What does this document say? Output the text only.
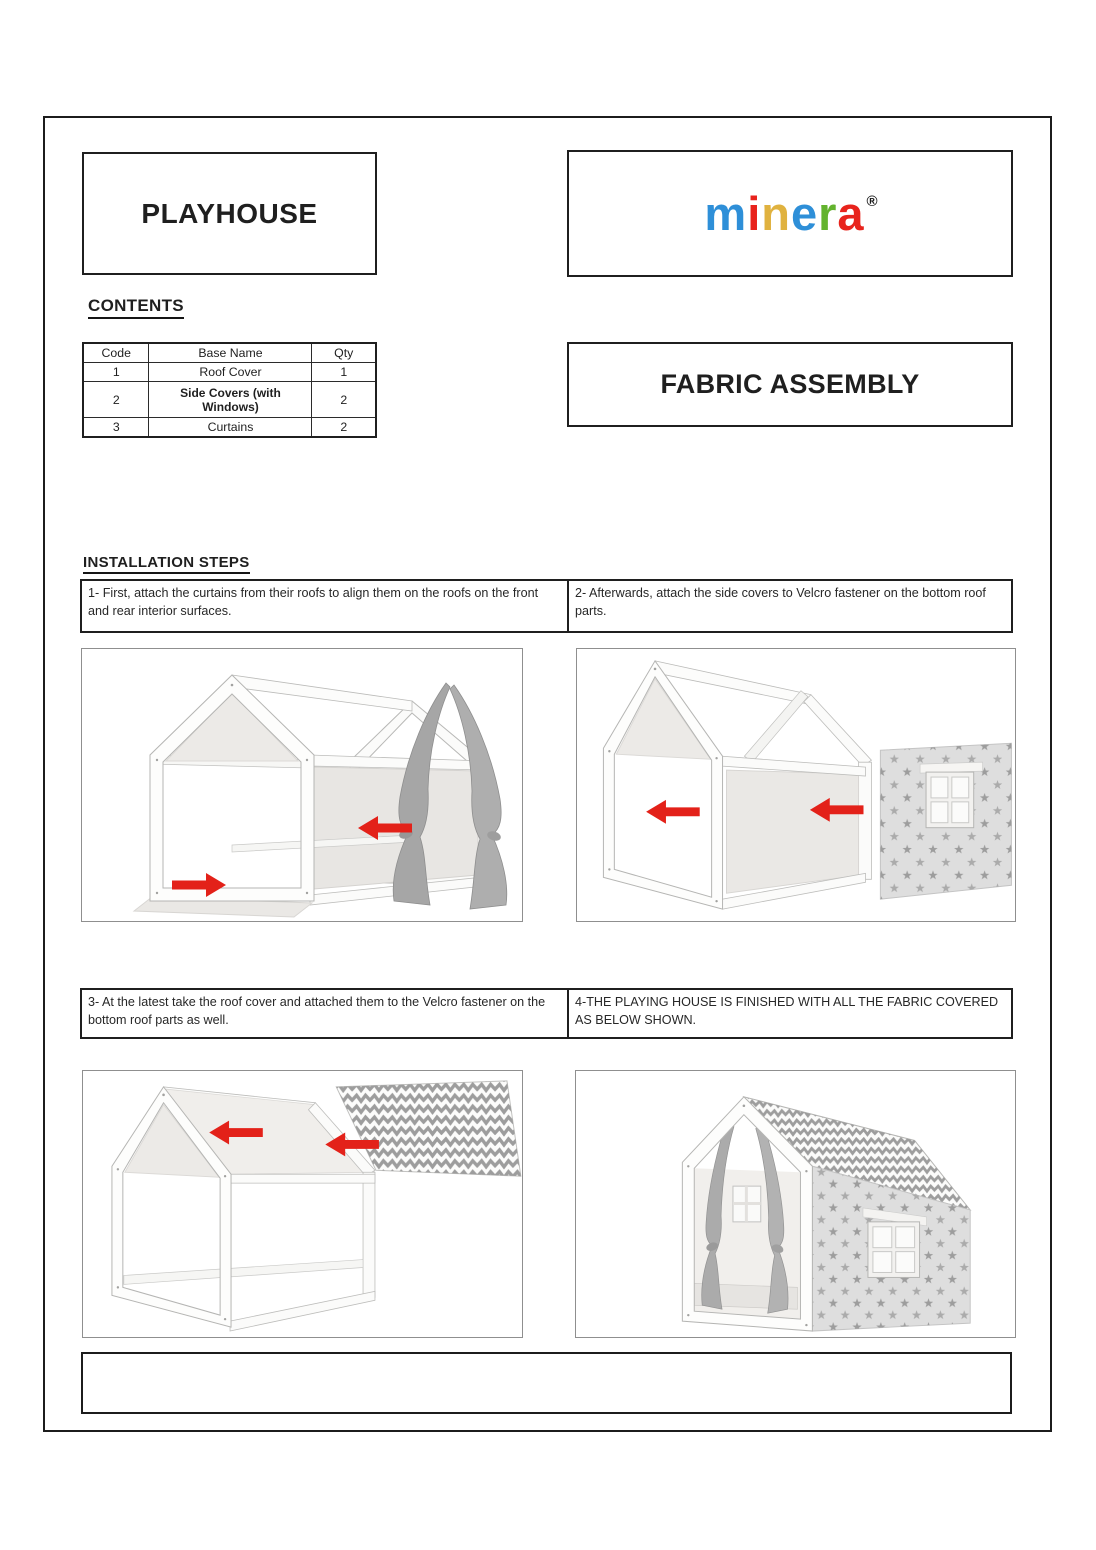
PLAYHOUSE	minera ®
CONTENTS
Code	Base Name	Qty
1	Roof Cover	1
2	Side Covers (with Windows)	2
3	Curtains	2
FABRIC ASSEMBLY
INSTALLATION STEPS
1- First, attach the curtains from their roofs to align them on the roofs on the front and rear interior surfaces.
2- Afterwards, attach the side covers to Velcro fastener on the bottom roof parts.
3- At the latest take the roof cover and attached them to the Velcro fastener on the bottom roof parts as well.
4-THE PLAYING HOUSE IS FINISHED WITH ALL THE FABRIC COVERED AS BELOW SHOWN.
